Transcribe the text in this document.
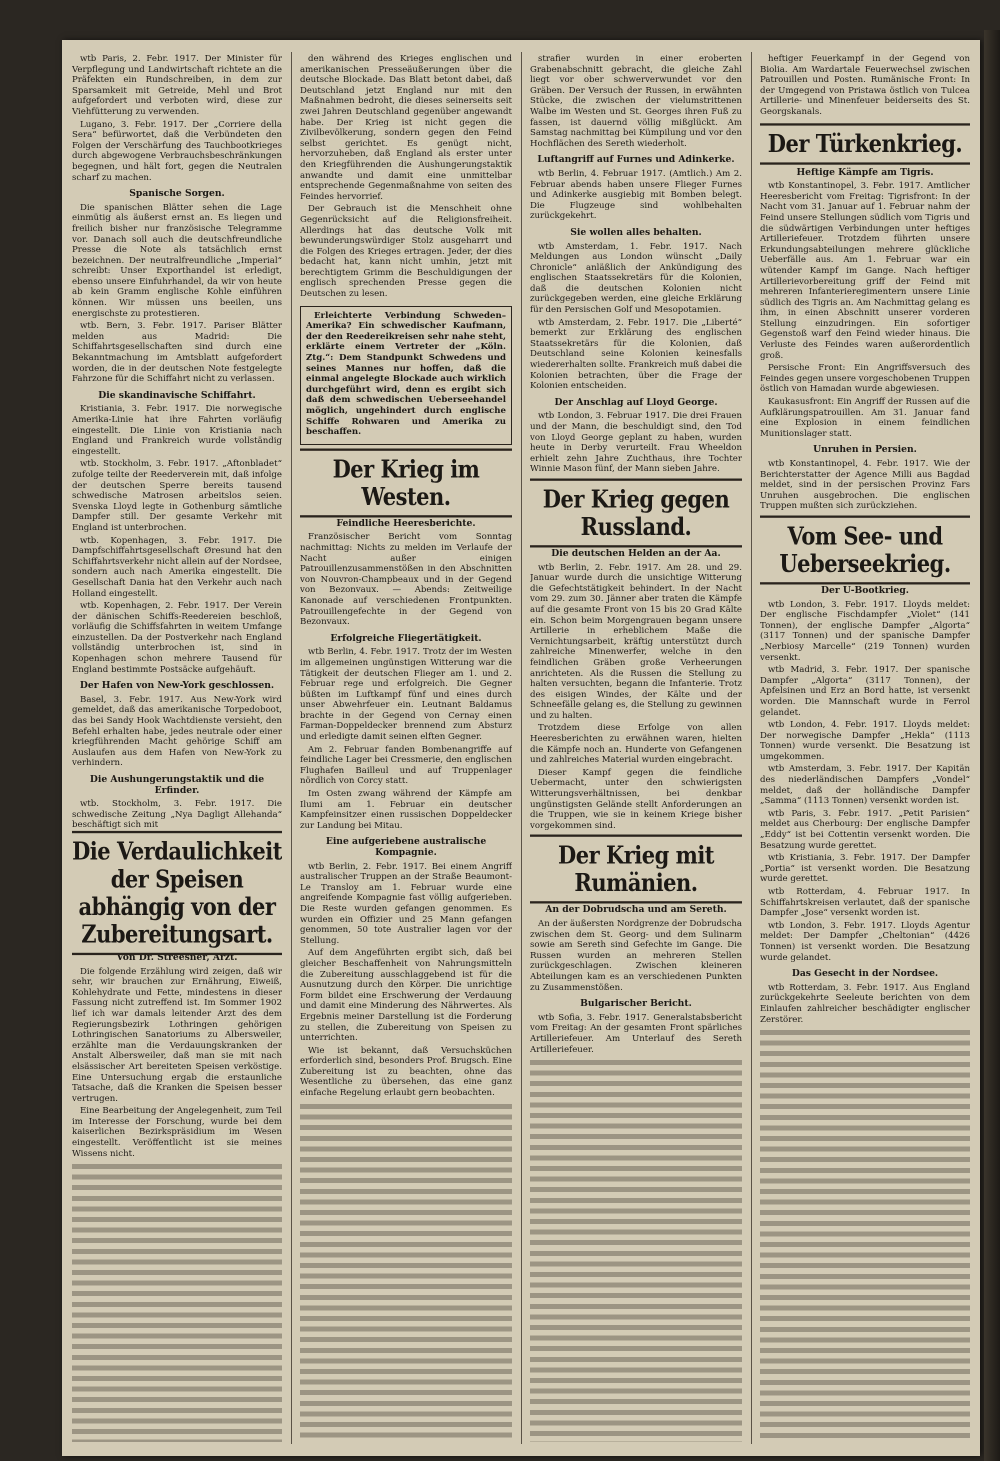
wtb Paris, 2. Febr. 1917. Der Minister für Verpflegung und Landwirtschaft richtete an die Präfekten ein Rundschreiben, in dem zur Sparsamkeit mit Getreide, Mehl und Brot aufgefordert und verboten wird, diese zur Viehfütterung zu verwenden.

Lugano, 3. Febr. 1917. Der „Corriere della Sera“ befürwortet, daß die Verbündeten den Folgen der Verschärfung des Tauchbootkrieges durch abgewogene Verbrauchsbeschränkungen begegnen, und hält fort, gegen die Neutralen scharf zu machen.

Spanische Sorgen.

Die spanischen Blätter sehen die Lage einmütig als äußerst ernst an. Es liegen und freilich bisher nur französische Telegramme vor. Danach soll auch die deutschfreundliche Presse die Note als tatsächlich ernst bezeichnen. Der neutralfreundliche „Imperial“ schreibt: Unser Exporthandel ist erledigt, ebenso unsere Einfuhrhandel, da wir von heute ab kein Gramm englische Kohle einführen können. Wir müssen uns beeilen, uns energischste zu protestieren.

wtb. Bern, 3. Febr. 1917. Pariser Blätter melden aus Madrid: Die Schiffahrtsgesellschaften sind durch eine Bekanntmachung im Amtsblatt aufgefordert worden, die in der deutschen Note festgelegte Fahrzone für die Schiffahrt nicht zu verlassen.

Die skandinavische Schiffahrt.

Kristiania, 3. Febr. 1917. Die norwegische Amerika-Linie hat ihre Fahrten vorläufig eingestellt. Die Linie von Kristiania nach England und Frankreich wurde vollständig eingestellt.

wtb. Stockholm, 3. Febr. 1917. „Aftonbladet“ zufolge teilte der Reederverein mit, daß infolge der deutschen Sperre bereits tausend schwedische Matrosen arbeitslos seien. Svenska Lloyd legte in Gothenburg sämtliche Dampfer still. Der gesamte Verkehr mit England ist unterbrochen.

wtb. Kopenhagen, 3. Febr. 1917. Die Dampfschiffahrtsgesellschaft Øresund hat den Schiffahrtsverkehr nicht allein auf der Nordsee, sondern auch nach Amerika eingestellt. Die Gesellschaft Dania hat den Verkehr auch nach Holland eingestellt.

wtb. Kopenhagen, 2. Febr. 1917. Der Verein der dänischen Schiffs-Reedereien beschloß, vorläufig die Schiffsfahrten in weitem Umfange einzustellen. Da der Postverkehr nach England vollständig unterbrochen ist, sind in Kopenhagen schon mehrere Tausend für England bestimmte Postsäcke aufgehäuft.

Der Hafen von New-York geschlossen.

Basel, 3. Febr. 1917. Aus New-York wird gemeldet, daß das amerikanische Torpedoboot, das bei Sandy Hook Wachtdienste versieht, den Befehl erhalten habe, jedes neutrale oder einer kriegführenden Macht gehörige Schiff am Auslaufen aus dem Hafen von New-York zu verhindern.

Die Aushungerungstaktik und die Erfinder.

wtb. Stockholm, 3. Febr. 1917. Die schwedische Zeitung „Nya Dagligt Allehanda“ beschäftigt sich mit

Die Verdaulichkeit der Speisen abhängig von der Zubereitungsart.

Von Dr. Streesner, Arzt.

Die folgende Erzählung wird zeigen, daß wir sehr, wir brauchen zur Ernährung, Eiweiß, Kohlehydrate und Fette, mindestens in dieser Fassung nicht zutreffend ist. Im Sommer 1902 lief ich war damals leitender Arzt des dem Regierungsbezirk Lothringen gehörigen Lothringischen Sanatoriums zu Albersweiler, erzählte man die Verdauungskranken der Anstalt Albersweiler, daß man sie mit nach elsässischer Art bereiteten Speisen verköstige. Eine Untersuchung ergab die erstaunliche Tatsache, daß die Kranken die Speisen besser vertrugen.

Eine Bearbeitung der Angelegenheit, zum Teil im Interesse der Forschung, wurde bei dem kaiserlichen Bezirkspräsidium im Wesen eingestellt. Veröffentlicht ist sie meines Wissens nicht.

den während des Krieges englischen und amerikanischen Presseäußerungen über die deutsche Blockade. Das Blatt betont dabei, daß Deutschland jetzt England nur mit den Maßnahmen bedroht, die dieses seinerseits seit zwei Jahren Deutschland gegenüber angewandt habe. Der Krieg ist nicht gegen die Zivilbevölkerung, sondern gegen den Feind selbst gerichtet. Es genügt nicht, hervorzuheben, daß England als erster unter den Kriegführenden die Aushungerungstaktik anwandte und damit eine unmittelbar entsprechende Gegenmaßnahme von seiten des Feindes hervorrief.

Der Gebrauch ist die Menschheit ohne Gegenrücksicht auf die Religionsfreiheit. Allerdings hat das deutsche Volk mit bewunderungswürdiger Stolz ausgeharrt und die Folgen des Krieges ertragen. Jeder, der dies bedacht hat, kann nicht umhin, jetzt mit berechtigtem Grimm die Beschuldigungen der englisch sprechenden Presse gegen die Deutschen zu lesen.

Erleichterte Verbindung Schweden–Amerika? Ein schwedischer Kaufmann, der den Reedereikreisen sehr nahe steht, erklärte einem Vertreter der „Köln. Ztg.“: Dem Standpunkt Schwedens und seines Mannes nur hoffen, daß die einmal angelegte Blockade auch wirklich durchgeführt wird, denn es ergibt sich daß dem schwedischen Ueberseehandel möglich, ungehindert durch englische Schiffe Rohwaren und Amerika zu beschaffen.

Der Krieg im Westen.

Feindliche Heeresberichte.

Französischer Bericht vom Sonntag nachmittag: Nichts zu melden im Verlaufe der Nacht außer einigen Patrouillenzusammenstößen in den Abschnitten von Nouvron-Champbeaux und in der Gegend von Bezonvaux. — Abends: Zeitweilige Kanonade auf verschiedenen Frontpunkten. Patrouillengefechte in der Gegend von Bezonvaux.

Erfolgreiche Fliegertätigkeit.

wtb Berlin, 4. Febr. 1917. Trotz der im Westen im allgemeinen ungünstigen Witterung war die Tätigkeit der deutschen Flieger am 1. und 2. Februar rege und erfolgreich. Die Gegner büßten im Luftkampf fünf und eines durch unser Abwehrfeuer ein. Leutnant Baldamus brachte in der Gegend von Cernay einen Farman-Doppeldecker brennend zum Absturz und erledigte damit seinen elften Gegner.

Am 2. Februar fanden Bombenangriffe auf feindliche Lager bei Cressmerie, den englischen Flughafen Bailleul und auf Truppenlager nördlich von Corcy statt.

Im Osten zwang während der Kämpfe am Ilumi am 1. Februar ein deutscher Kampfeinsitzer einen russischen Doppeldecker zur Landung bei Mitau.

Eine aufgeriebene australische Kompagnie.

wtb Berlin, 2. Febr. 1917. Bei einem Angriff australischer Truppen an der Straße Beaumont-Le Transloy am 1. Februar wurde eine angreifende Kompagnie fast völlig aufgerieben. Die Reste wurden gefangen genommen. Es wurden ein Offizier und 25 Mann gefangen genommen, 50 tote Australier lagen vor der Stellung.

Auf dem Angeführten ergibt sich, daß bei gleicher Beschaffenheit von Nahrungsmitteln die Zubereitung ausschlaggebend ist für die Ausnutzung durch den Körper. Die unrichtige Form bildet eine Erschwerung der Verdauung und damit eine Minderung des Nährwertes. Als Ergebnis meiner Darstellung ist die Forderung zu stellen, die Zubereitung von Speisen zu unterrichten.

Wie ist bekannt, daß Versuchsküchen erforderlich sind, besonders Prof. Brugsch. Eine Zubereitung ist zu beachten, ohne das Wesentliche zu übersehen, das eine ganz einfache Regelung erlaubt gern beobachten.

strafier wurden in einer eroberten Grabenabschnitt gebracht, die gleiche Zahl liegt vor ober schwerverwundet vor den Gräben. Der Versuch der Russen, in erwähnten Stücke, die zwischen der vielumstrittenen Walbe im Westen und St. Georges ihren Fuß zu fassen, ist dauernd völlig mißglückt. Am Samstag nachmittag bei Kümpilung und vor den Hochflächen des Sereth wiederholt.

Luftangriff auf Furnes und Adinkerke.

wtb Berlin, 4. Februar 1917. (Amtlich.) Am 2. Februar abends haben unsere Flieger Furnes und Adinkerke ausgiebig mit Bomben belegt. Die Flugzeuge sind wohlbehalten zurückgekehrt.

Sie wollen alles behalten.

wtb Amsterdam, 1. Febr. 1917. Nach Meldungen aus London wünscht „Daily Chronicle“ anläßlich der Ankündigung des englischen Staatssekretärs für die Kolonien, daß die deutschen Kolonien nicht zurückgegeben werden, eine gleiche Erklärung für den Persischen Golf und Mesopotamien.

wtb Amsterdam, 2. Febr. 1917. Die „Liberté“ bemerkt zur Erklärung des englischen Staatssekretärs für die Kolonien, daß Deutschland seine Kolonien keinesfalls wiedererhalten sollte. Frankreich muß dabei die Kolonien betrachten, über die Frage der Kolonien entscheiden.

Der Anschlag auf Lloyd George.

wtb London, 3. Februar 1917. Die drei Frauen und der Mann, die beschuldigt sind, den Tod von Lloyd George geplant zu haben, wurden heute in Derby verurteilt. Frau Wheeldon erhielt zehn Jahre Zuchthaus, ihre Tochter Winnie Mason fünf, der Mann sieben Jahre.

Der Krieg gegen Russland.

Die deutschen Helden an der Aa.

wtb Berlin, 2. Febr. 1917. Am 28. und 29. Januar wurde durch die unsichtige Witterung die Gefechtstätigkeit behindert. In der Nacht vom 29. zum 30. Jänner aber traten die Kämpfe auf die gesamte Front von 15 bis 20 Grad Kälte ein. Schon beim Morgengrauen begann unsere Artillerie in erheblichem Maße die Vernichtungsarbeit, kräftig unterstützt durch zahlreiche Minenwerfer, welche in den feindlichen Gräben große Verheerungen anrichteten. Als die Russen die Stellung zu halten versuchten, begann die Infanterie. Trotz des eisigen Windes, der Kälte und der Schneefälle gelang es, die Stellung zu gewinnen und zu halten.

Trotzdem diese Erfolge von allen Heeresberichten zu erwähnen waren, hielten die Kämpfe noch an. Hunderte von Gefangenen und zahlreiches Material wurden eingebracht.

Dieser Kampf gegen die feindliche Uebermacht, unter den schwierigsten Witterungsverhältnissen, bei denkbar ungünstigsten Gelände stellt Anforderungen an die Truppen, wie sie in keinem Kriege bisher vorgekommen sind.

Der Krieg mit Rumänien.

An der Dobrudscha und am Sereth.

An der äußersten Nordgrenze der Dobrudscha zwischen dem St. Georg- und dem Sulinarm sowie am Sereth sind Gefechte im Gange. Die Russen wurden an mehreren Stellen zurückgeschlagen. Zwischen kleineren Abteilungen kam es an verschiedenen Punkten zu Zusammenstößen.

Bulgarischer Bericht.

wtb Sofia, 3. Febr. 1917. Generalstabsbericht vom Freitag: An der gesamten Front spärliches Artilleriefeuer. Am Unterlauf des Sereth Artilleriefeuer.

heftiger Feuerkampf in der Gegend von Biolia. Am Wardartale Feuerwechsel zwischen Patrouillen und Posten. Rumänische Front: In der Umgegend von Pristawa östlich von Tulcea Artillerie- und Minenfeuer beiderseits des St. Georgskanals.

Der Türkenkrieg.

Heftige Kämpfe am Tigris.

wtb Konstantinopel, 3. Febr. 1917. Amtlicher Heeresbericht vom Freitag: Tigrisfront: In der Nacht vom 31. Januar auf 1. Februar nahm der Feind unsere Stellungen südlich vom Tigris und die südwärtigen Verbindungen unter heftiges Artilleriefeuer. Trotzdem führten unsere Erkundungsabteilungen mehrere glückliche Ueberfälle aus. Am 1. Februar war ein wütender Kampf im Gange. Nach heftiger Artillerievorbereitung griff der Feind mit mehreren Infanterieregimentern unsere Linie südlich des Tigris an. Am Nachmittag gelang es ihm, in einen Abschnitt unserer vorderen Stellung einzudringen. Ein sofortiger Gegenstoß warf den Feind wieder hinaus. Die Verluste des Feindes waren außerordentlich groß.

Persische Front: Ein Angriffsversuch des Feindes gegen unsere vorgeschobenen Truppen östlich von Hamadan wurde abgewiesen.

Kaukasusfront: Ein Angriff der Russen auf die Aufklärungspatrouillen. Am 31. Januar fand eine Explosion in einem feindlichen Munitionslager statt.

Unruhen in Persien.

wtb Konstantinopel, 4. Febr. 1917. Wie der Berichterstatter der Agence Milli aus Bagdad meldet, sind in der persischen Provinz Fars Unruhen ausgebrochen. Die englischen Truppen mußten sich zurückziehen.

Vom See- und Ueberseekrieg.

Der U-Bootkrieg.

wtb London, 3. Febr. 1917. Lloyds meldet: Der englische Fischdampfer „Violet“ (141 Tonnen), der englische Dampfer „Algorta“ (3117 Tonnen) und der spanische Dampfer „Nerbiosy Marcelle“ (219 Tonnen) wurden versenkt.

wtb Madrid, 3. Febr. 1917. Der spanische Dampfer „Algorta“ (3117 Tonnen), der Apfelsinen und Erz an Bord hatte, ist versenkt worden. Die Mannschaft wurde in Ferrol gelandet.

wtb London, 4. Febr. 1917. Lloyds meldet: Der norwegische Dampfer „Hekla“ (1113 Tonnen) wurde versenkt. Die Besatzung ist umgekommen.

wtb Amsterdam, 3. Febr. 1917. Der Kapitän des niederländischen Dampfers „Vondel“ meldet, daß der holländische Dampfer „Samma“ (1113 Tonnen) versenkt worden ist.

wtb Paris, 3. Febr. 1917. „Petit Parisien“ meldet aus Cherbourg: Der englische Dampfer „Eddy“ ist bei Cottentin versenkt worden. Die Besatzung wurde gerettet.

wtb Kristiania, 3. Febr. 1917. Der Dampfer „Portia“ ist versenkt worden. Die Besatzung wurde gerettet.

wtb Rotterdam, 4. Februar 1917. In Schiffahrtskreisen verlautet, daß der spanische Dampfer „Jose“ versenkt worden ist.

wtb London, 3. Febr. 1917. Lloyds Agentur meldet: Der Dampfer „Cheltonian“ (4426 Tonnen) ist versenkt worden. Die Besatzung wurde gelandet.

Das Gesecht in der Nordsee.

wtb Rotterdam, 3. Febr. 1917. Aus England zurückgekehrte Seeleute berichten von dem Einlaufen zahlreicher beschädigter englischer Zerstörer.
